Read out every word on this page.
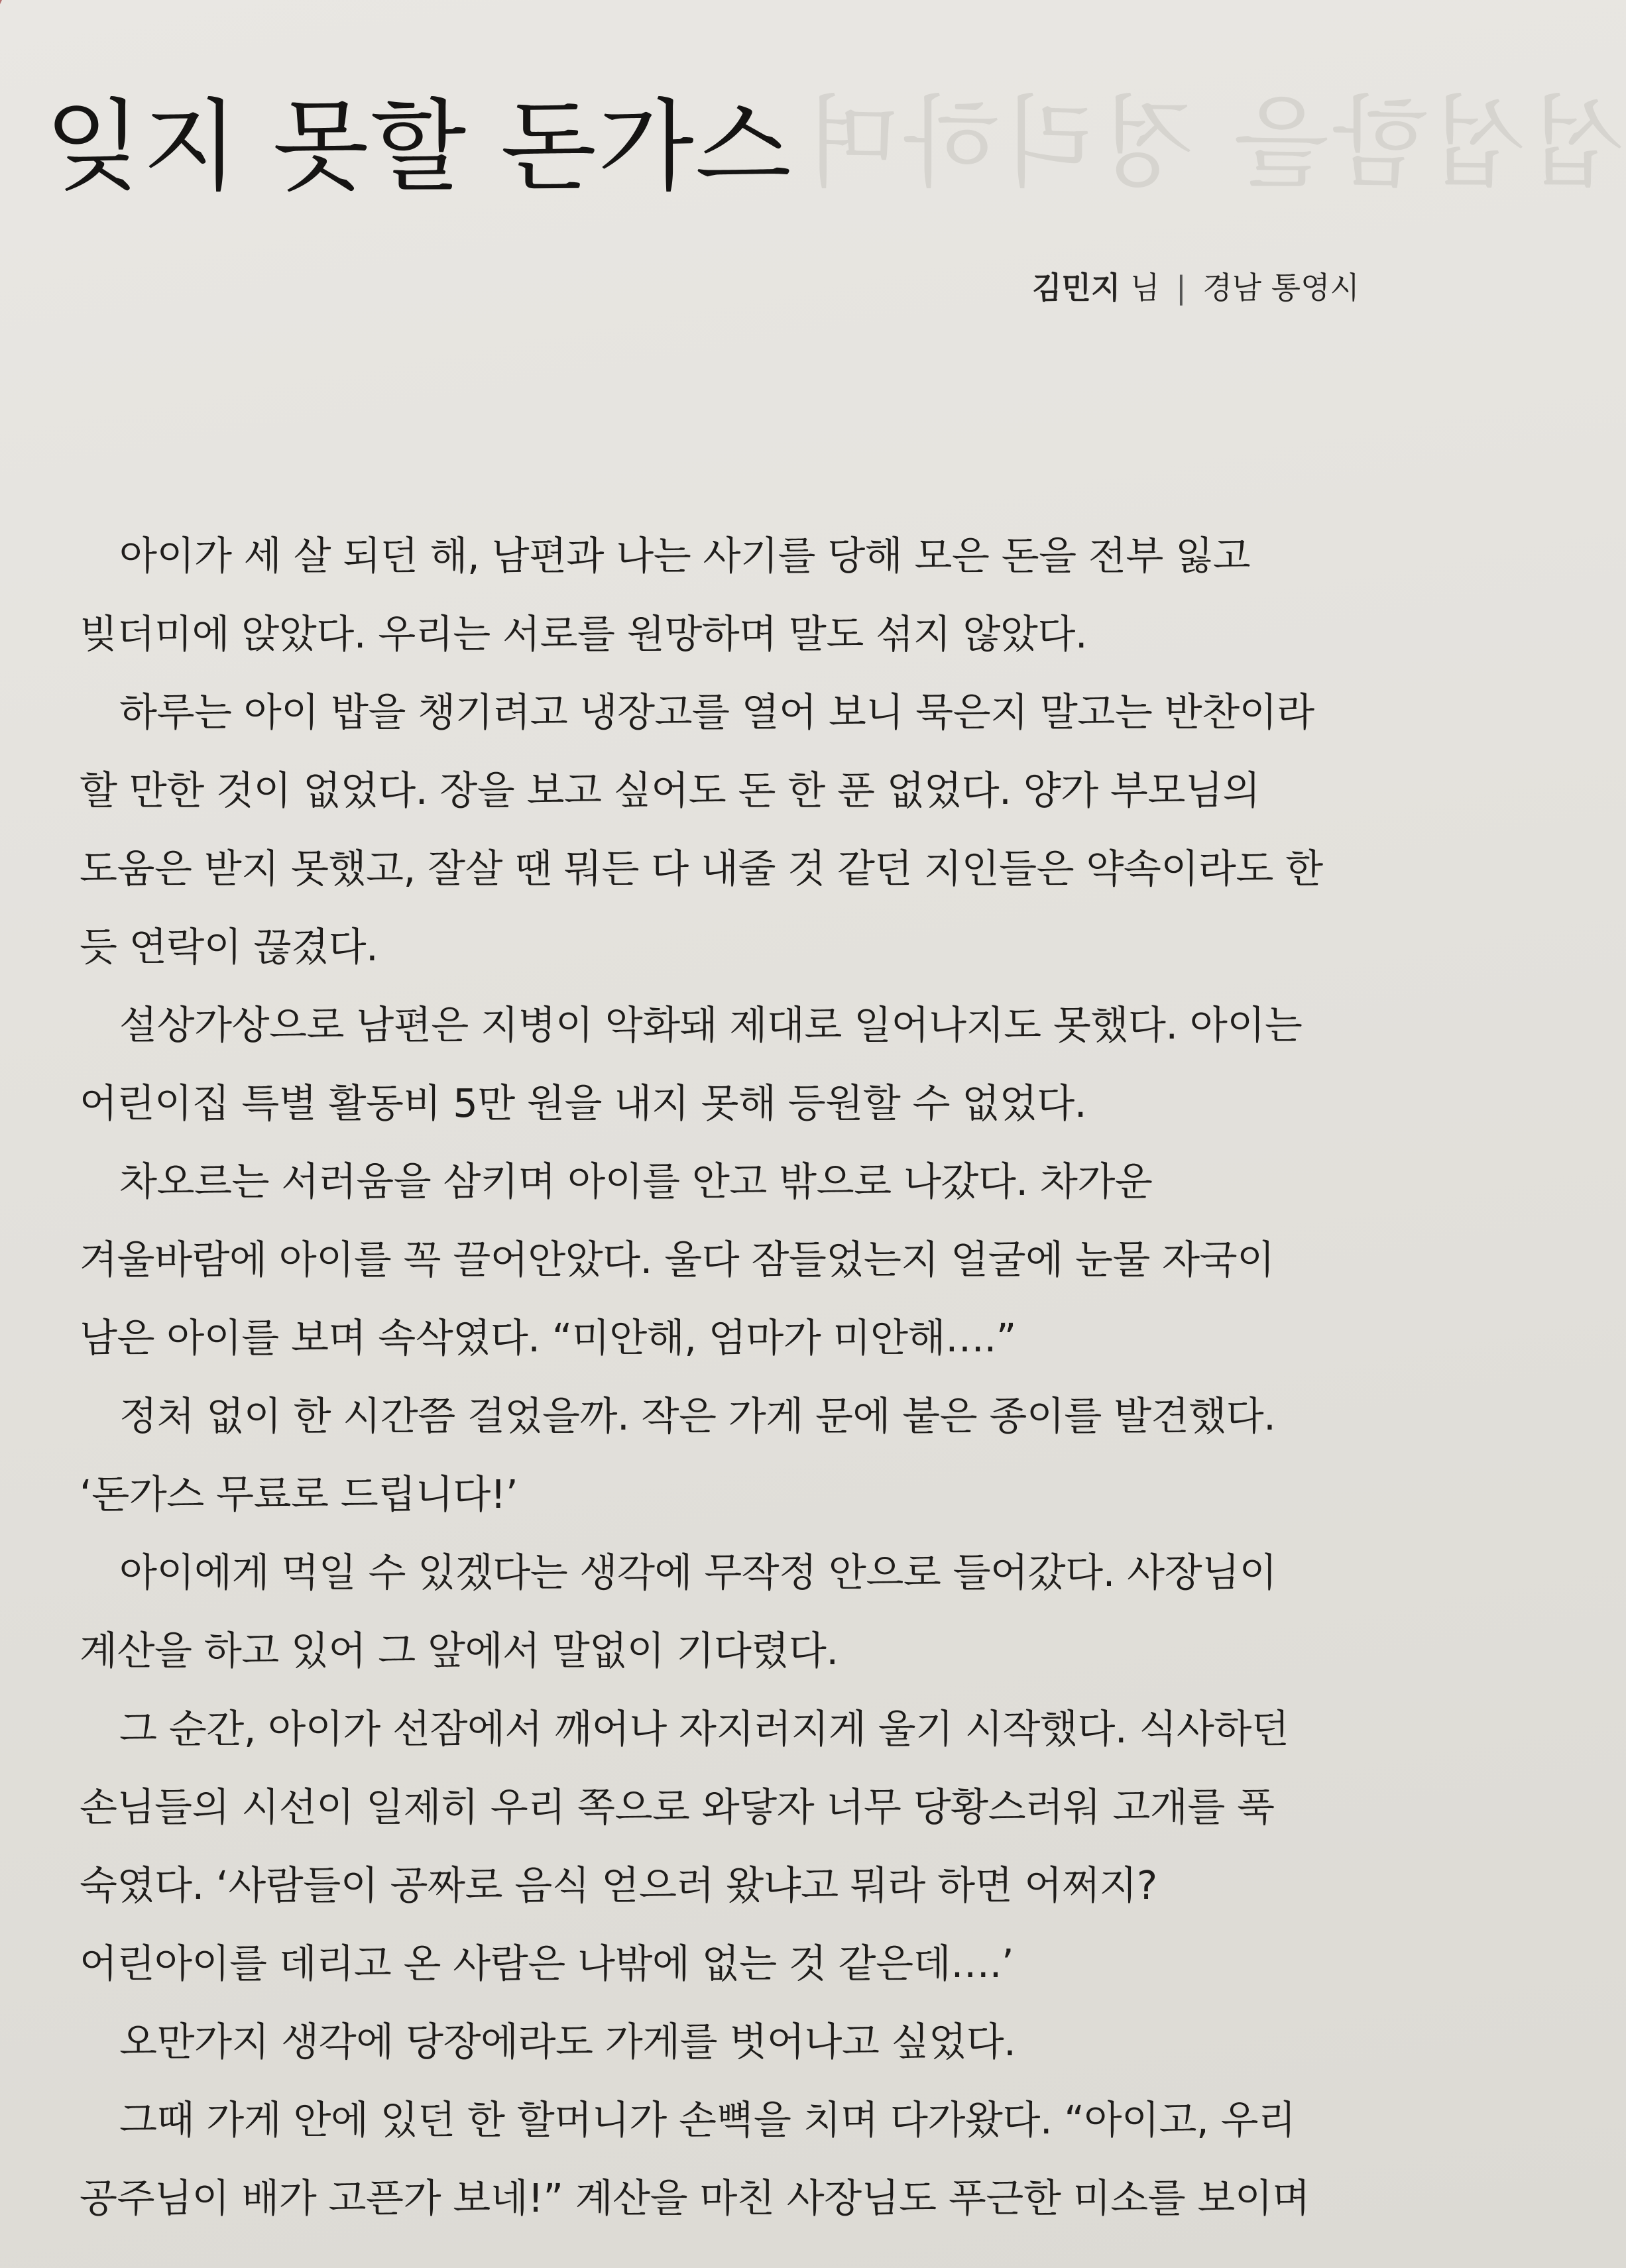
섭섭함을 정리하며
잊지 못할 돈가스
김민지 님 | 경남 통영시

아이가 세 살 되던 해, 남편과 나는 사기를 당해 모은 돈을 전부 잃고 빚더미에 앉았다. 우리는 서로를 원망하며 말도 섞지 않았다.

하루는 아이 밥을 챙기려고 냉장고를 열어 보니 묵은지 말고는 반찬이라 할 만한 것이 없었다. 장을 보고 싶어도 돈 한 푼 없었다. 양가 부모님의 도움은 받지 못했고, 잘살 땐 뭐든 다 내줄 것 같던 지인들은 약속이라도 한 듯 연락이 끊겼다.

설상가상으로 남편은 지병이 악화돼 제대로 일어나지도 못했다. 아이는 어린이집 특별 활동비 5만 원을 내지 못해 등원할 수 없었다.

차오르는 서러움을 삼키며 아이를 안고 밖으로 나갔다. 차가운 겨울바람에 아이를 꼭 끌어안았다. 울다 잠들었는지 얼굴에 눈물 자국이 남은 아이를 보며 속삭였다. “미안해, 엄마가 미안해….”

정처 없이 한 시간쯤 걸었을까. 작은 가게 문에 붙은 종이를 발견했다. ‘돈가스 무료로 드립니다!’

아이에게 먹일 수 있겠다는 생각에 무작정 안으로 들어갔다. 사장님이 계산을 하고 있어 그 앞에서 말없이 기다렸다.

그 순간, 아이가 선잠에서 깨어나 자지러지게 울기 시작했다. 식사하던 손님들의 시선이 일제히 우리 쪽으로 와닿자 너무 당황스러워 고개를 푹 숙였다. ‘사람들이 공짜로 음식 얻으러 왔냐고 뭐라 하면 어쩌지? 어린아이를 데리고 온 사람은 나밖에 없는 것 같은데….’

오만가지 생각에 당장에라도 가게를 벗어나고 싶었다.

그때 가게 안에 있던 한 할머니가 손뼉을 치며 다가왔다. “아이고, 우리 공주님이 배가 고픈가 보네!” 계산을 마친 사장님도 푸근한 미소를 보이며
